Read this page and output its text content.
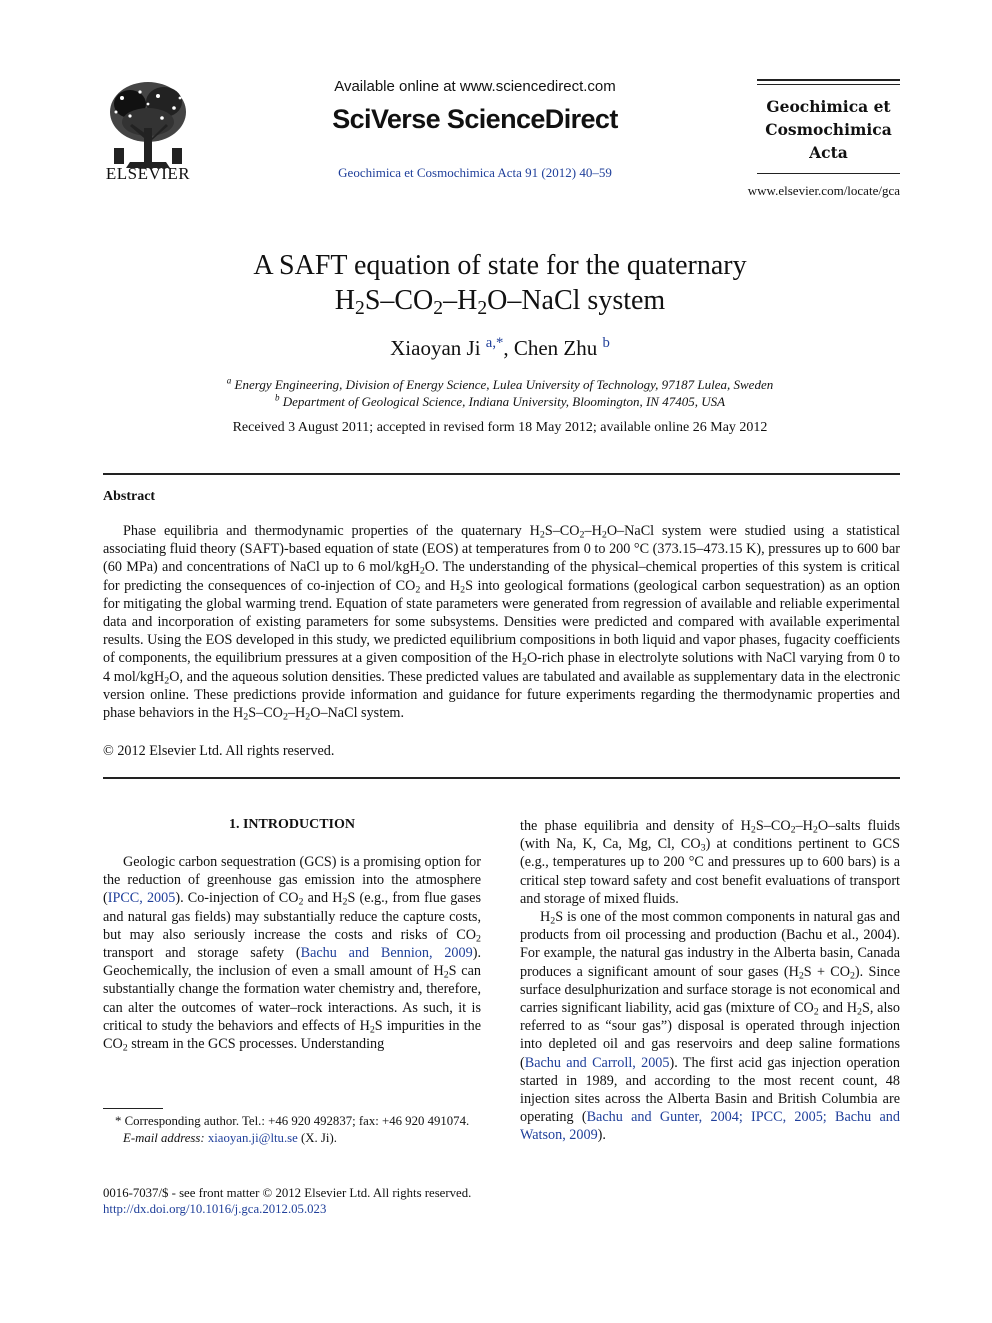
ELSEVIER
Available online at www.sciencedirect.com
SciVerse ScienceDirect
Geochimica et Cosmochimica Acta 91 (2012) 40–59
Geochimica et
Cosmochimica
Acta
www.elsevier.com/locate/gca
A SAFT equation of state for the quaternary
$H_2S-CO_2-H_2O$–NaCl system
Xiaoyan Ji $^{a,*}$, Chen Zhu $^b$
$^a$ Energy Engineering, Division of Energy Science, Lulea University of Technology, 97187 Lulea, Sweden
$^b$ Department of Geological Science, Indiana University, Bloomington, IN 47405, USA
Received 3 August 2011; accepted in revised form 18 May 2012; available online 26 May 2012
Abstract
Phase equilibria and thermodynamic properties of the quaternary $H_2S-CO_2-H_2O$–NaCl system were studied using a statistical associating fluid theory (SAFT)-based equation of state (EOS) at temperatures from 0 to 200 °C (373.15–473.15 K), pressures up to 600 bar (60 MPa) and concentrations of NaCl up to 6 mol/kgH$_2$O. The understanding of the physical–chemical properties of this system is critical for predicting the consequences of co-injection of $CO_2$ and $H_2S$ into geological formations (geological carbon sequestration) as an option for mitigating the global warming trend. Equation of state parameters were generated from regression of available and reliable experimental data and incorporation of existing parameters for some subsystems. Densities were predicted and compared with available experimental results. Using the EOS developed in this study, we predicted equilibrium compositions in both liquid and vapor phases, fugacity coefficients of components, the equilibrium pressures at a given composition of the $H_2O$-rich phase in electrolyte solutions with NaCl varying from 0 to 4 mol/kgH$_2$O, and the aqueous solution densities. These predicted values are tabulated and available as supplementary data in the electronic version online. These predictions provide information and guidance for future experiments regarding the thermodynamic properties and phase behaviors in the $H_2S-CO_2-H_2O$–NaCl system.
© 2012 Elsevier Ltd. All rights reserved.
1. INTRODUCTION

Geologic carbon sequestration (GCS) is a promising option for the reduction of greenhouse gas emission into the atmosphere (IPCC, 2005). Co-injection of $CO_2$ and $H_2S$ (e.g., from flue gases and natural gas fields) may substantially reduce the capture costs, but may also seriously increase the costs and risks of $CO_2$ transport and storage safety (Bachu and Bennion, 2009). Geochemically, the inclusion of even a small amount of $H_2S$ can substantially change the formation water chemistry and, therefore, can alter the outcomes of water–rock interactions. As such, it is critical to study the behaviors and effects of $H_2S$ impurities in the $CO_2$ stream in the GCS processes. Understanding

the phase equilibria and density of $H_2S-CO_2-H_2O$–salts fluids (with Na, K, Ca, Mg, Cl, $CO_3$) at conditions pertinent to GCS (e.g., temperatures up to 200 °C and pressures up to 600 bars) is a critical step toward safety and cost benefit evaluations of transport and storage of mixed fluids.

$H_2S$ is one of the most common components in natural gas and products from oil processing and production (Bachu et al., 2004). For example, the natural gas industry in the Alberta basin, Canada produces a significant amount of sour gases $(H_2S + CO_2)$. Since surface desulphurization and surface storage is not economical and carries significant liability, acid gas (mixture of $CO_2$ and $H_2S$, also referred to as “sour gas”) disposal is operated through injection into depleted oil and gas reservoirs and deep saline formations (Bachu and Carroll, 2005). The first acid gas injection operation started in 1989, and according to the most recent count, 48 injection sites across the Alberta Basin and British Columbia are operating (Bachu and Gunter, 2004; IPCC, 2005; Bachu and Watson, 2009).

* Corresponding author. Tel.: +46 920 492837; fax: +46 920 491074.
E-mail address: xiaoyan.ji@ltu.se (X. Ji).
0016-7037/$ - see front matter © 2012 Elsevier Ltd. All rights reserved.
http://dx.doi.org/10.1016/j.gca.2012.05.023
